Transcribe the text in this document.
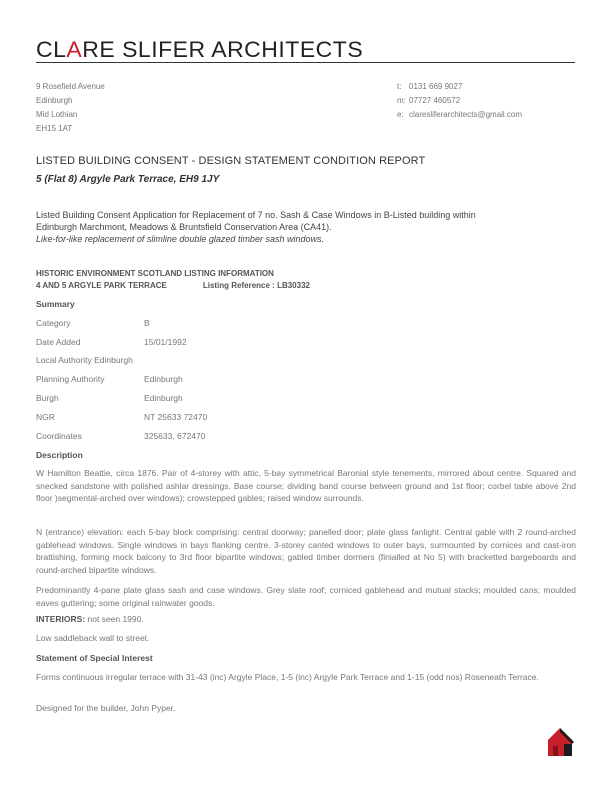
CLARE SLIFER ARCHITECTS
9 Rosefield Avenue
Edinburgh
Mid Lothian
EH15 1AT
t: 0131 669 9027
m: 07727 460572
e: clareslifer​architects@gmail.com
LISTED BUILDING CONSENT - DESIGN STATEMENT CONDITION REPORT
5 (Flat 8) Argyle Park Terrace, EH9 1JY
Listed Building Consent Application for Replacement of 7 no. Sash & Case Windows in B-Listed building within
Edinburgh Marchmont, Meadows & Bruntsfield Conservation Area (CA41).
Like-for-like replacement of slimline double glazed timber sash windows.
HISTORIC ENVIRONMENT SCOTLAND LISTING INFORMATION
4 AND 5 ARGYLE PARK TERRACE	Listing Reference : LB30332
Summary
Category	B
Date Added	15/01/1992
Local Authority Edinburgh
Planning Authority	Edinburgh
Burgh	Edinburgh
NGR	NT 25633 72470
Coordinates	325633, 672470
Description
W Hamilton Beattie, circa 1876. Pair of 4-storey with attic, 5-bay symmetrical Baronial style tenements, mirrored about centre. Squared and snecked sandstone with polished ashlar dressings. Base course; dividing band course between ground and 1st floor; corbel table above 2nd floor )segmental-arched over windows); crowstepped gables; raised window surrounds.
N (entrance) elevation: each 5-bay block comprising: central doorway; panelled door; plate glass fanlight. Central gable with 2 round-arched gablehead windows. Single windows in bays flanking centre. 3-storey canted windows to outer bays, surmounted by cornices and cast-iron brattishing, forming mock balcony to 3rd floor bipartite windows; gabled timber dormers (finialled at No 5) with bracketted bargeboards and round-arched bipartite windows.
Predominantly 4-pane plate glass sash and case windows. Grey slate roof; corniced gablehead and mutual stacks; moulded cans; moulded eaves guttering; some original rainwater goods.
INTERIORS: not seen 1990.
Low saddleback wall to street.
Statement of Special Interest
Forms continuous irregular terrace with 31-43 (inc) Argyle Place, 1-5 (inc) Argyle Park Terrace and 1-15 (odd nos) Roseneath Terrace.
Designed for the builder, John Pyper.
